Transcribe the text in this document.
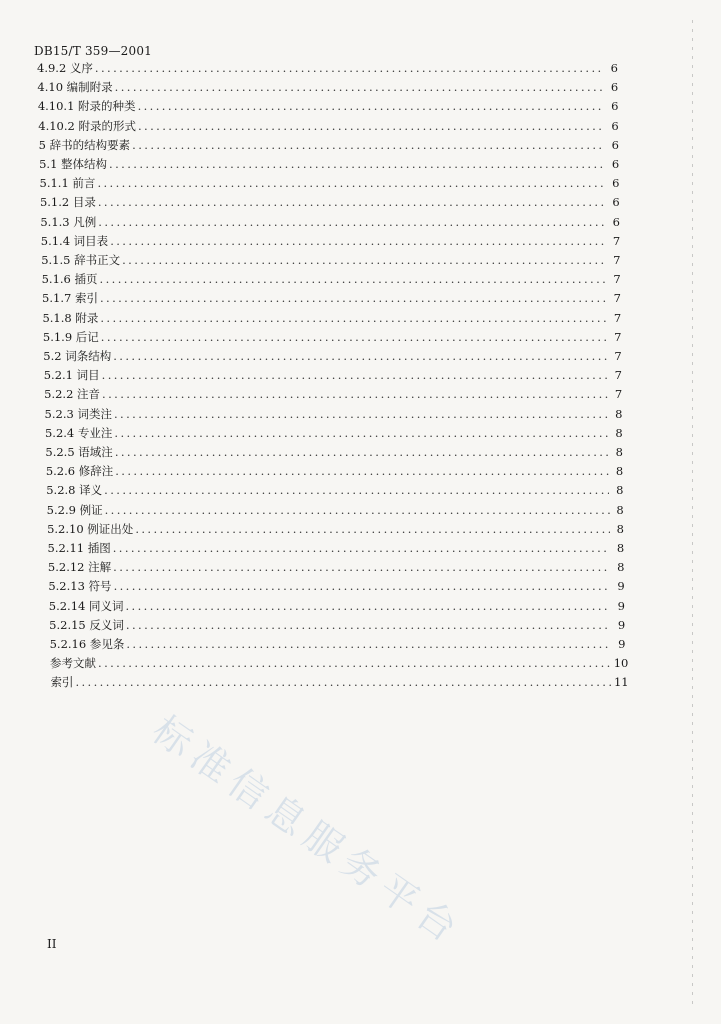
DB15/T 359—2001
4.9.2 义序 .....	6
4.10 编制附录 .....	6
4.10.1 附录的种类 .....	6
4.10.2 附录的形式 .....	6
5 辞书的结构要素 .....	6
5.1 整体结构 .....	6
5.1.1 前言 .....	6
5.1.2 目录 .....	6
5.1.3 凡例 .....	6
5.1.4 词目表 .....	7
5.1.5 辞书正文 .....	7
5.1.6 插页 .....	7
5.1.7 索引 .....	7
5.1.8 附录 .....	7
5.1.9 后记 .....	7
5.2 词条结构 .....	7
5.2.1 词目 .....	7
5.2.2 注音 .....	7
5.2.3 词类注 .....	8
5.2.4 专业注 .....	8
5.2.5 语域注 .....	8
5.2.6 修辞注 .....	8
5.2.8 译义 .....	8
5.2.9 例证 .....	8
5.2.10 例证出处 .....	8
5.2.11 插图 .....	8
5.2.12 注解 .....	8
5.2.13 符号 .....	9
5.2.14 同义词 .....	9
5.2.15 反义词 .....	9
5.2.16 参见条 .....	9
参考文献 .....	10
索引 .....	11
II 标准信息服务平台
